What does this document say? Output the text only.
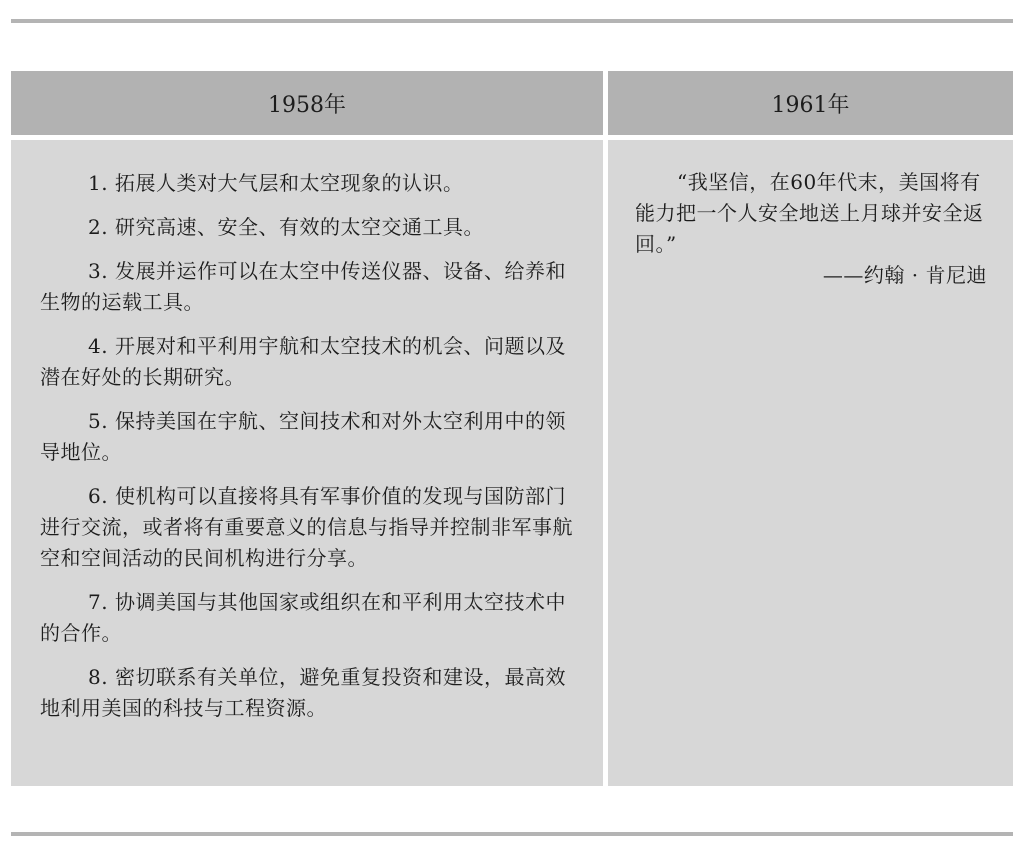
1958年	1961年

1. 拓展人类对大气层和太空现象的认识。

2. 研究高速、安全、有效的太空交通工具。

3. 发展并运作可以在太空中传送仪器、设备、给养和生物的运载工具。

4. 开展对和平利用宇航和太空技术的机会、问题以及潜在好处的长期研究。

5. 保持美国在宇航、空间技术和对外太空利用中的领导地位。

6. 使机构可以直接将具有军事价值的发现与国防部门进行交流，或者将有重要意义的信息与指导并控制非军事航空和空间活动的民间机构进行分享。

7. 协调美国与其他国家或组织在和平利用太空技术中的合作。

8. 密切联系有关单位，避免重复投资和建设，最高效地利用美国的科技与工程资源。

“我坚信，在60年代末，美国将有能力把一个人安全地送上月球并安全返回。”

——约翰 · 肯尼迪
